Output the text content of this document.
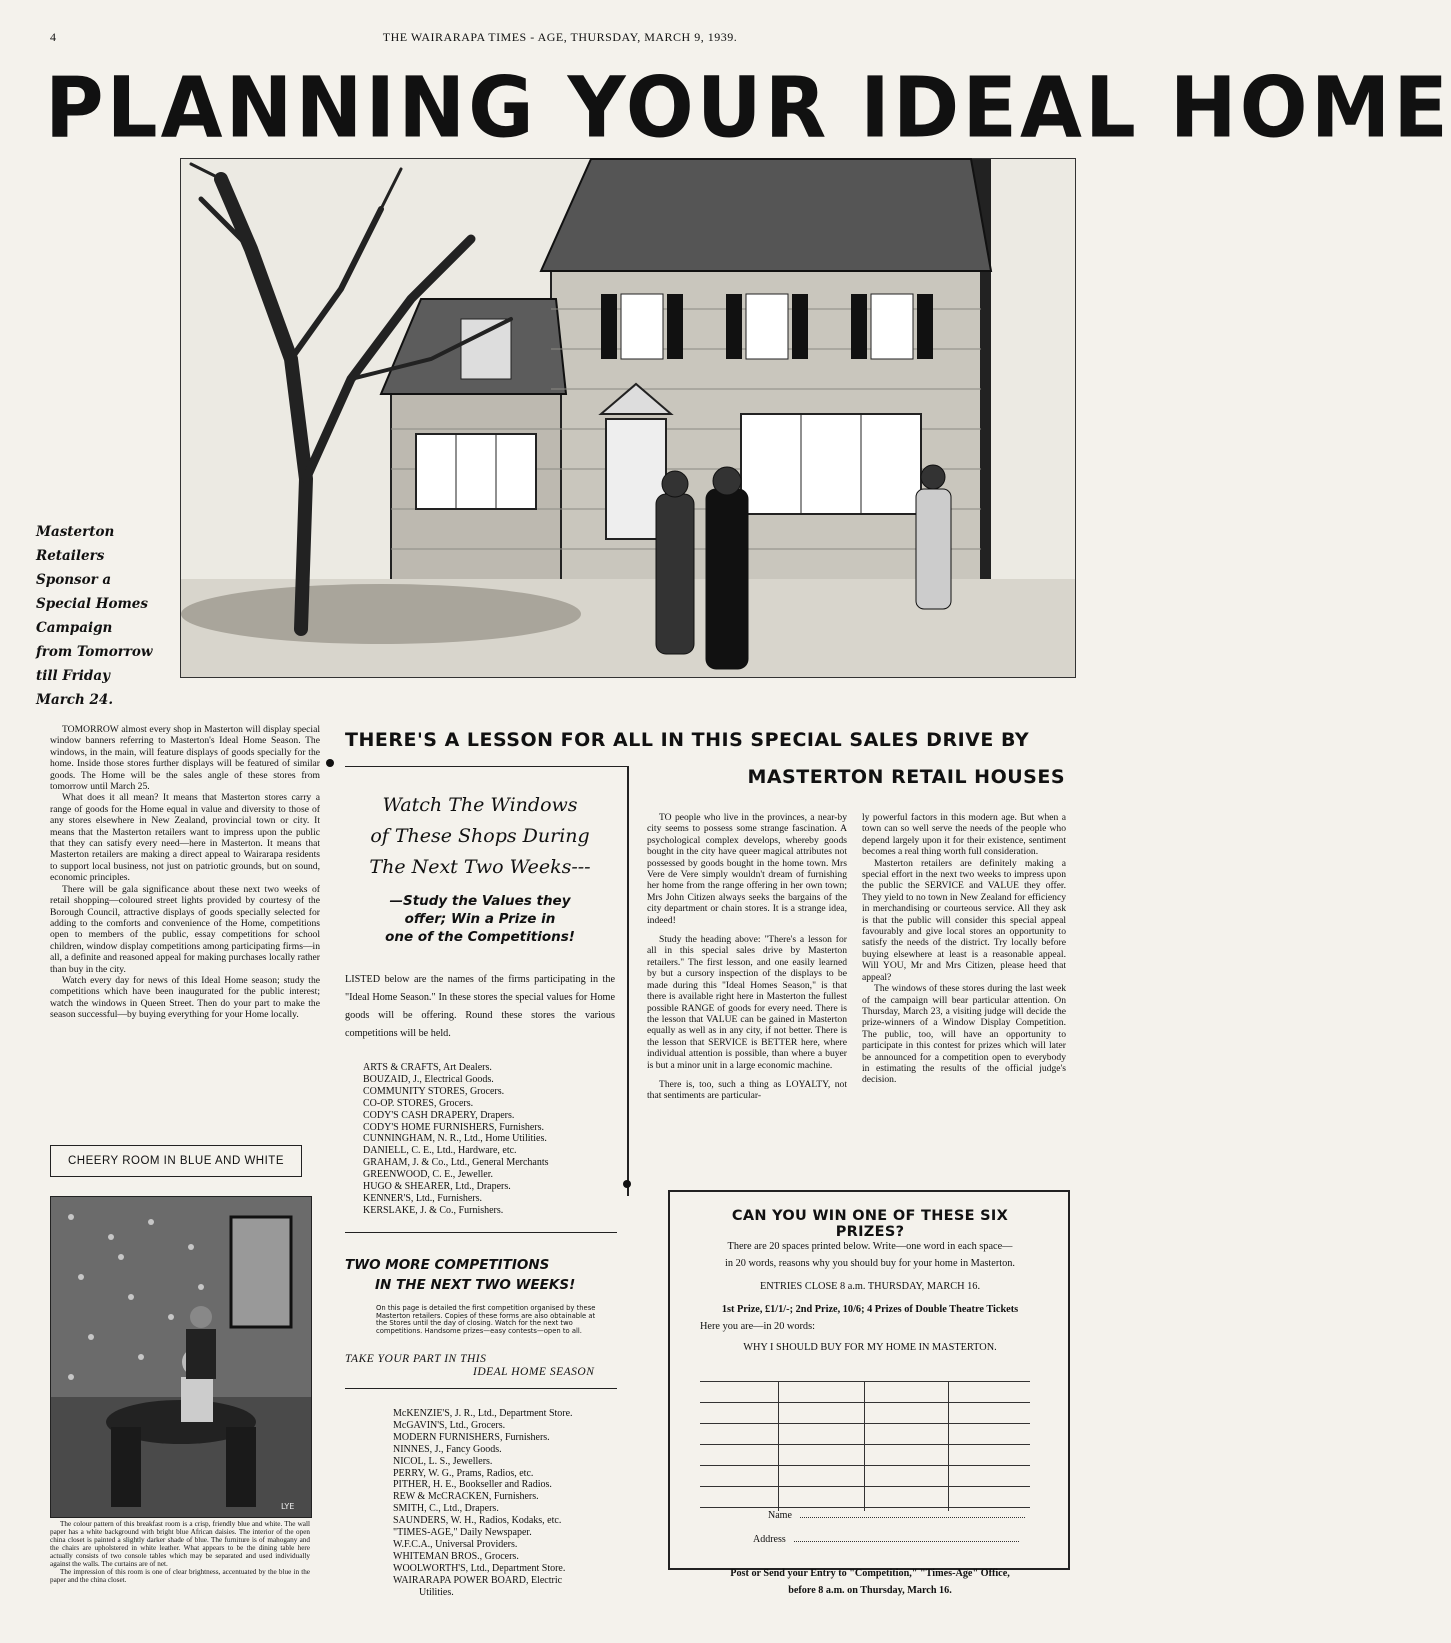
4	THE WAIRARAPA TIMES - AGE, THURSDAY, MARCH 9, 1939.
PLANNING YOUR IDEAL HOME
Masterton
Retailers
Sponsor a
Special Homes
Campaign
from Tomorrow
till Friday
March 24.

TOMORROW almost every shop in Masterton will display special window banners referring to Masterton's Ideal Home Season. The windows, in the main, will feature displays of goods specially for the home. Inside those stores further displays will be featured of similar goods. The Home will be the sales angle of these stores from tomorrow until March 25.

What does it all mean? It means that Masterton stores carry a range of goods for the Home equal in value and diversity to those of any stores elsewhere in New Zealand, provincial town or city. It means that the Masterton retailers want to impress upon the public that they can satisfy every need—here in Masterton. It means that Masterton retailers are making a direct appeal to Wairarapa residents to support local business, not just on patriotic grounds, but on sound, economic principles.

There will be gala significance about these next two weeks of retail shopping—coloured street lights provided by courtesy of the Borough Council, attractive displays of goods specially selected for adding to the comforts and convenience of the Home, competitions open to members of the public, essay competitions for school children, window display competitions among participating firms—in all, a definite and reasoned appeal for making purchases locally rather than buy in the city.

Watch every day for news of this Ideal Home season; study the competitions which have been inaugurated for the public interest; watch the windows in Queen Street. Then do your part to make the season successful—by buying everything for your Home locally.

CHEERY ROOM IN BLUE AND WHITE
LYE
The colour pattern of this breakfast room is a crisp, friendly blue and white. The wall paper has a white background with bright blue African daisies. The interior of the open china closet is painted a slightly darker shade of blue. The furniture is of mahogany and the chairs are upholstered in white leather. What appears to be the dining table here actually consists of two console tables which may be separated and used individually against the walls. The curtains are of net.
The impression of this room is one of clear brightness, accentuated by the blue in the paper and the china closet.
THERE'S A LESSON FOR ALL IN THIS SPECIAL SALES DRIVE BY
MASTERTON RETAIL HOUSES
Watch The Windows
of These Shops During
The Next Two Weeks---
—Study the Values they
offer; Win a Prize in
one of the Competitions!
LISTED below are the names of the firms participating in the "Ideal Home Season." In these stores the special values for Home goods will be offering. Round these stores the various competitions will be held.
ARTS & CRAFTS, Art Dealers.
BOUZAID, J., Electrical Goods.
COMMUNITY STORES, Grocers.
CO-OP. STORES, Grocers.
CODY'S CASH DRAPERY, Drapers.
CODY'S HOME FURNISHERS, Furnishers.
CUNNINGHAM, N. R., Ltd., Home Utilities.
DANIELL, C. E., Ltd., Hardware, etc.
GRAHAM, J. & Co., Ltd., General Merchants
GREENWOOD, C. E., Jeweller.
HUGO & SHEARER, Ltd., Drapers.
KENNER'S, Ltd., Furnishers.
KERSLAKE, J. & Co., Furnishers.
TWO MORE COMPETITIONS
IN THE NEXT TWO WEEKS!
On this page is detailed the first competition organised by these Masterton retailers. Copies of these forms are also obtainable at the Stores until the day of closing. Watch for the next two competitions. Handsome prizes—easy contests—open to all.
TAKE YOUR PART IN THIS
IDEAL HOME SEASON
McKENZIE'S, J. R., Ltd., Department Store.
McGAVIN'S, Ltd., Grocers.
MODERN FURNISHERS, Furnishers.
NINNES, J., Fancy Goods.
NICOL, L. S., Jewellers.
PERRY, W. G., Prams, Radios, etc.
PITHER, H. E., Bookseller and Radios.
REW & McCRACKEN, Furnishers.
SMITH, C., Ltd., Drapers.
SAUNDERS, W. H., Radios, Kodaks, etc.
"TIMES-AGE," Daily Newspaper.
W.F.C.A., Universal Providers.
WHITEMAN BROS., Grocers.
WOOLWORTH'S, Ltd., Department Store.
WAIRARAPA POWER BOARD, Electric
Utilities.

TO people who live in the provinces, a near-by city seems to possess some strange fascination. A psychological complex develops, whereby goods bought in the city have queer magical attributes not possessed by goods bought in the home town. Mrs Vere de Vere simply wouldn't dream of furnishing her home from the range offering in her own town; Mrs John Citizen always seeks the bargains of the city department or chain stores. It is a strange idea, indeed!

Study the heading above: "There's a lesson for all in this special sales drive by Masterton retailers." The first lesson, and one easily learned by but a cursory inspection of the displays to be made during this "Ideal Homes Season," is that there is available right here in Masterton the fullest possible RANGE of goods for every need. There is the lesson that VALUE can be gained in Masterton equally as well as in any city, if not better. There is the lesson that SERVICE is BETTER here, where individual attention is possible, than where a buyer is but a minor unit in a large economic machine.

There is, too, such a thing as LOYALTY, not that sentiments are particular-

ly powerful factors in this modern age. But when a town can so well serve the needs of the people who depend largely upon it for their existence, sentiment becomes a real thing worth full consideration.

Masterton retailers are definitely making a special effort in the next two weeks to impress upon the public the SERVICE and VALUE they offer. They yield to no town in New Zealand for efficiency in merchandising or courteous service. All they ask is that the public will consider this special appeal favourably and give local stores an opportunity to satisfy the needs of the district. Try locally before buying elsewhere at least is a reasonable appeal. Will YOU, Mr and Mrs Citizen, please heed that appeal?

The windows of these stores during the last week of the campaign will bear particular attention. On Thursday, March 23, a visiting judge will decide the prize-winners of a Window Display Competition. The public, too, will have an opportunity to participate in this contest for prizes which will later be announced for a competition open to everybody in estimating the results of the official judge's decision.

CAN YOU WIN ONE OF THESE SIX PRIZES?
There are 20 spaces printed below. Write—one word in each space—
in 20 words, reasons why you should buy for your home in Masterton.
ENTRIES CLOSE 8 a.m. THURSDAY, MARCH 16.
1st Prize, £1/1/-; 2nd Prize, 10/6; 4 Prizes of Double Theatre Tickets
Here you are—in 20 words:
WHY I SHOULD BUY FOR MY HOME IN MASTERTON.
Name
Address
Post or Send your Entry to "Competition," "Times-Age" Office,
before 8 a.m. on Thursday, March 16.
